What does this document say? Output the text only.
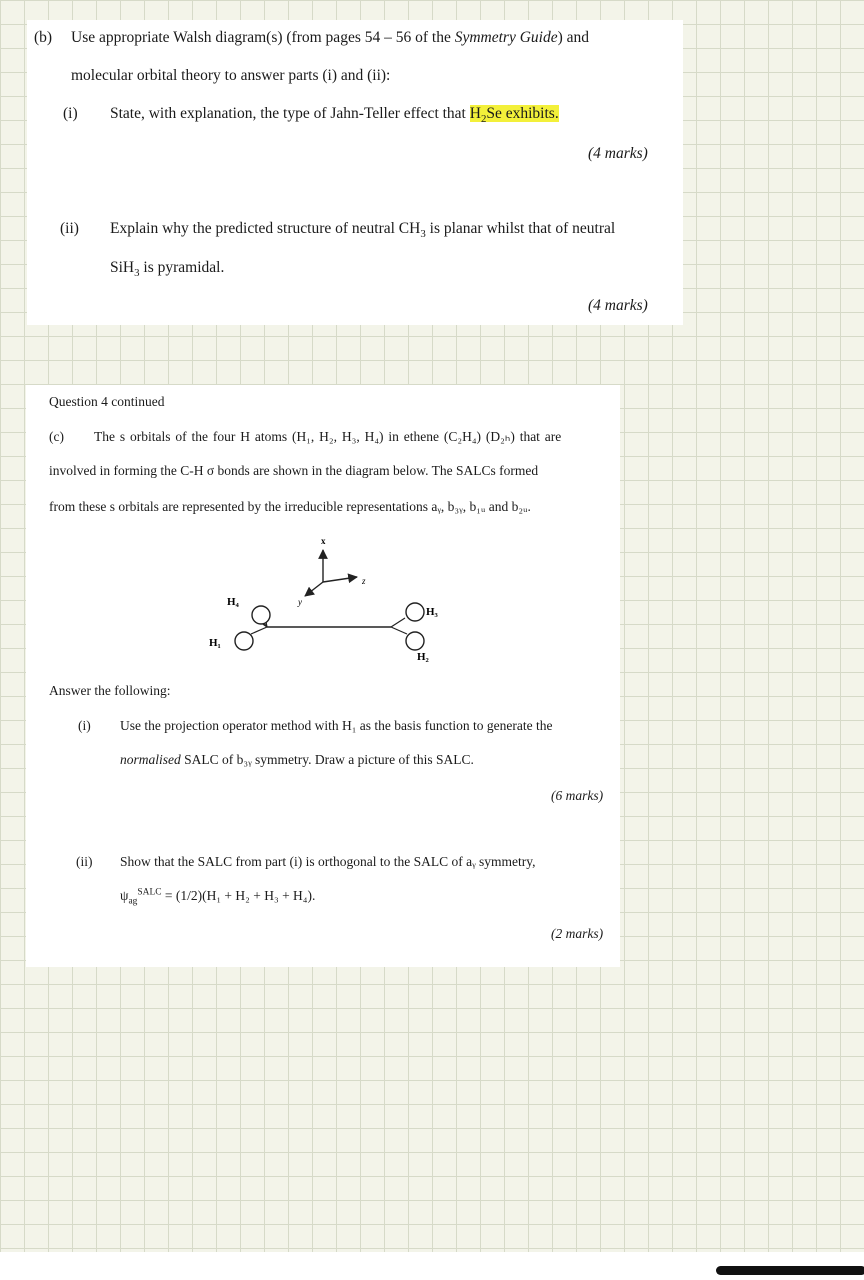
(b) Use appropriate Walsh diagram(s) (from pages 54 – 56 of the Symmetry Guide) and
molecular orbital theory to answer parts (i) and (ii):
(i) State, with explanation, the type of Jahn-Teller effect that $H_2Se$ exhibits.
(4 marks)
(ii) Explain why the predicted structure of neutral $CH_3$ is planar whilst that of neutral
SiH$_3$ is pyramidal.
(4 marks)
Question 4 continued
(c) The s orbitals of the four H atoms (H₁, H₂, H₃, H₄) in ethene (C₂H₄) (D₂ₕ) that are
involved in forming the C-H σ bonds are shown in the diagram below. The SALCs formed
from these s orbitals are represented by the irreducible representations aᵧ, b₃ᵧ, b₁ᵤ and b₂ᵤ.
x
z
y
H₄
H₁
H₃
H₂
Answer the following:
(i) Use the projection operator method with H₁ as the basis function to generate the
normalised SALC of b₃ᵧ symmetry. Draw a picture of this SALC.
(6 marks)
(ii) Show that the SALC from part (i) is orthogonal to the SALC of aᵧ symmetry,
$\psi_{ag}^{SALC} = (1/2)(H_1 + H_2 + H_3 + H_4)$.
(2 marks)
